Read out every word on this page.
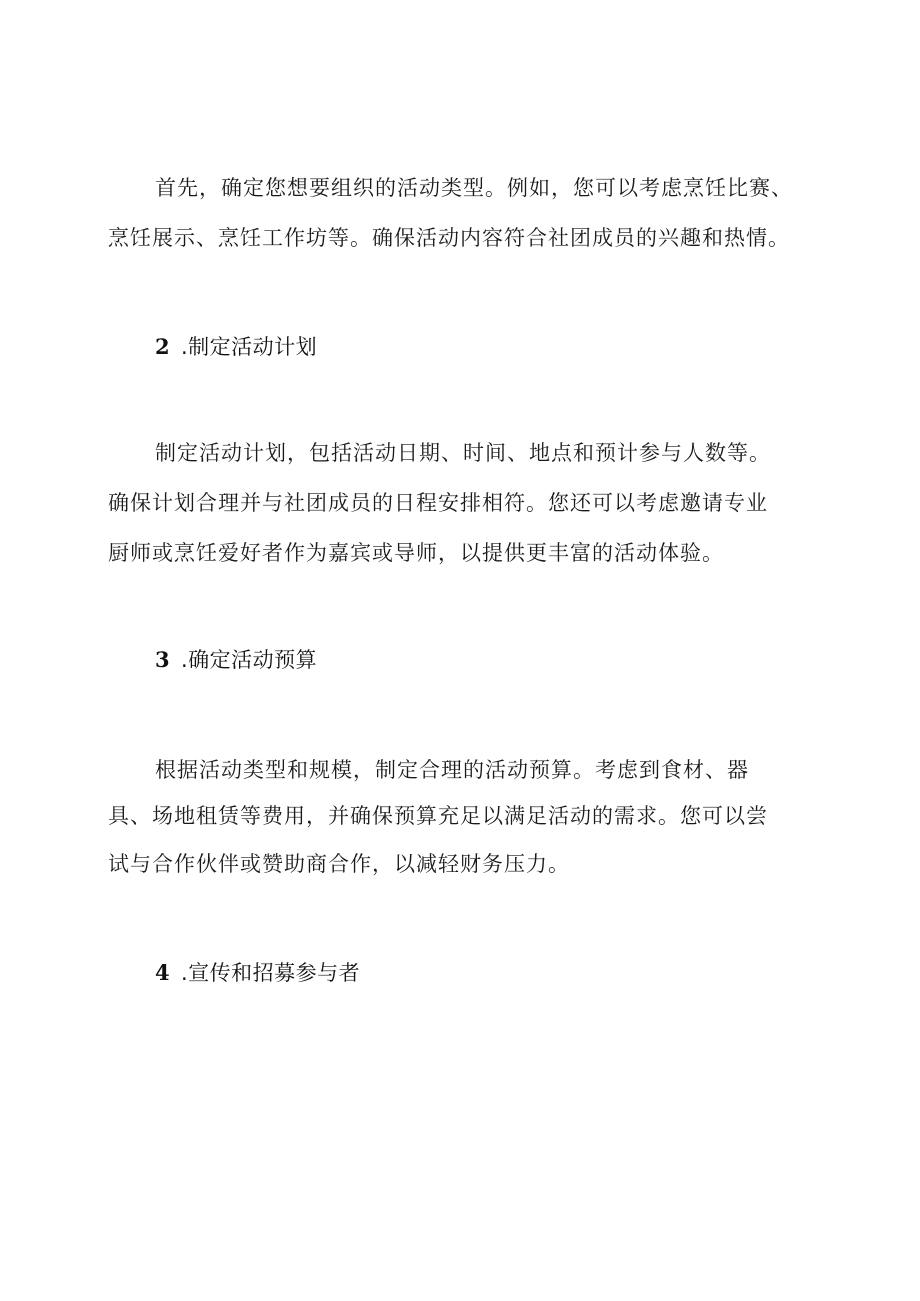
首先，确定您想要组织的活动类型。例如，您可以考虑烹饪比赛、
烹饪展示、烹饪工作坊等。确保活动内容符合社团成员的兴趣和热情。
2 .制定活动计划
制定活动计划，包括活动日期、时间、地点和预计参与人数等。
确保计划合理并与社团成员的日程安排相符。您还可以考虑邀请专业
厨师或烹饪爱好者作为嘉宾或导师，以提供更丰富的活动体验。
3 .确定活动预算
根据活动类型和规模，制定合理的活动预算。考虑到食材、器
具、场地租赁等费用，并确保预算充足以满足活动的需求。您可以尝
试与合作伙伴或赞助商合作，以减轻财务压力。
4 .宣传和招募参与者
